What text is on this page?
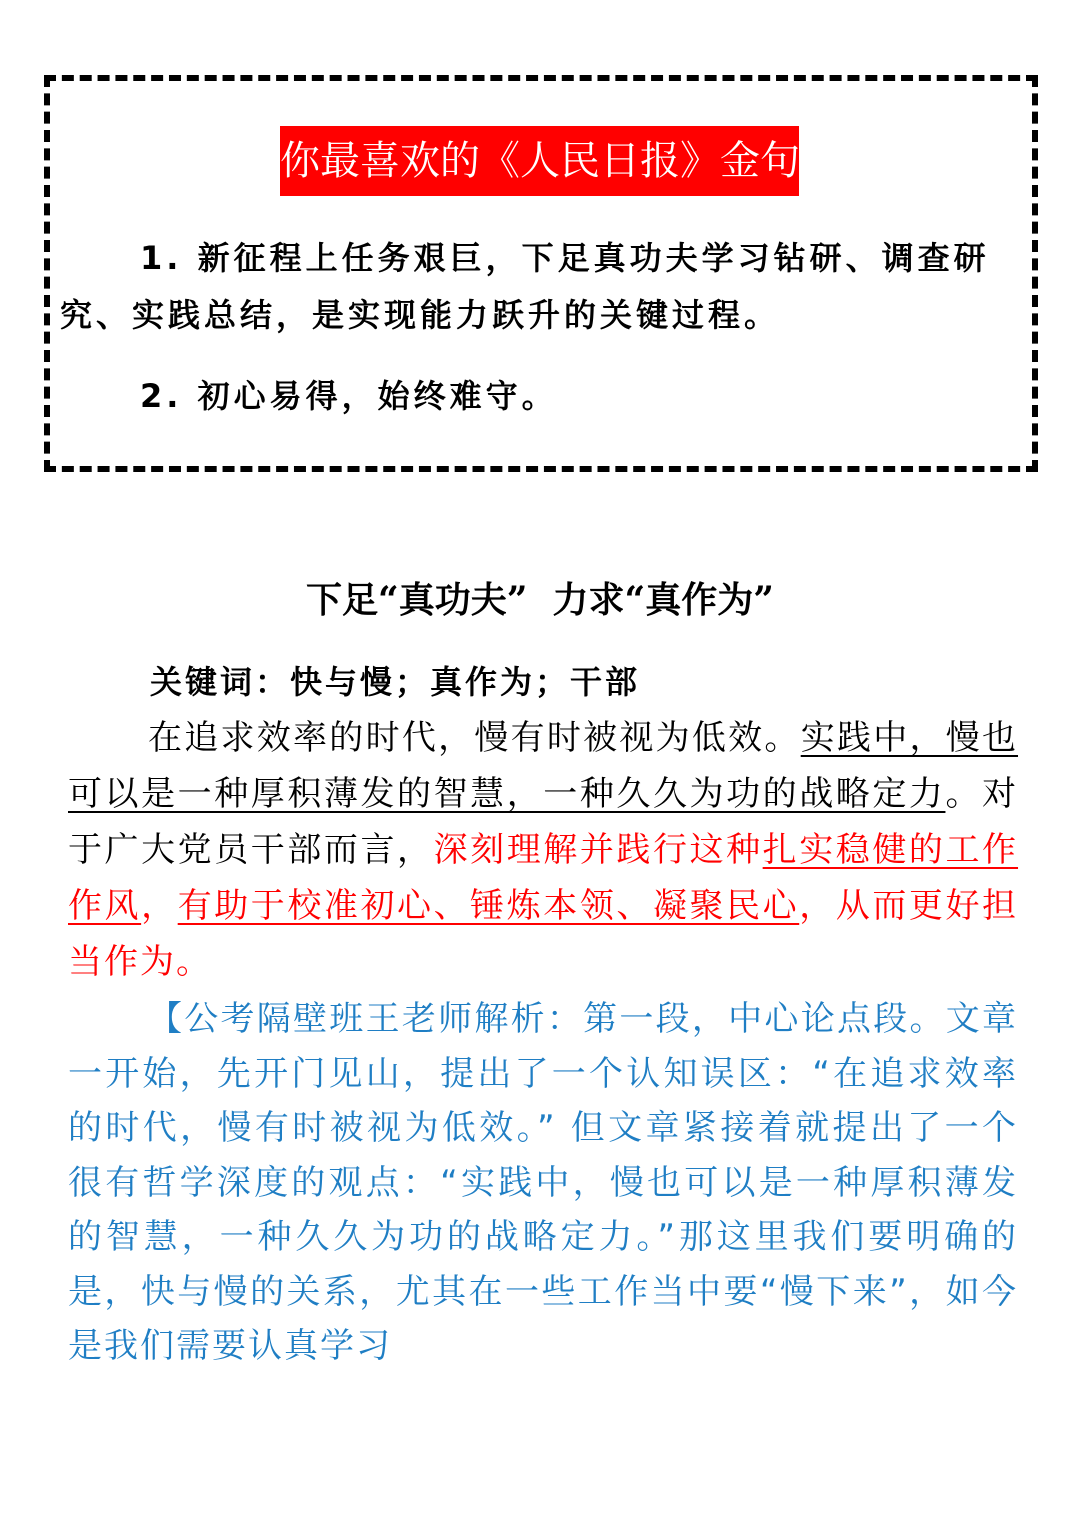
你最喜欢的《人民日报》金句
1. 新征程上任务艰巨，下足真功夫学习钻研、调查研究、实践总结，是实现能力跃升的关键过程。
2. 初心易得，始终难守。
下足“真功夫”  力求“真作为”
关键词：快与慢；真作为；干部
在追求效率的时代，慢有时被视为低效。实践中，慢也可以是一种厚积薄发的智慧，一种久久为功的战略定力。对于广大党员干部而言，深刻理解并践行这种扎实稳健的工作作风，有助于校准初心、锤炼本领、凝聚民心，从而更好担当作为。
【公考隔壁班王老师解析：第一段，中心论点段。文章一开始，先开门见山，提出了一个认知误区：“在追求效率的时代，慢有时被视为低效。” 但文章紧接着就提出了一个很有哲学深度的观点：“实践中，慢也可以是一种厚积薄发的智慧，一种久久为功的战略定力。”那这里我们要明确的是，快与慢的关系，尤其在一些工作当中要“慢下来”，如今是我们需要认真学习
